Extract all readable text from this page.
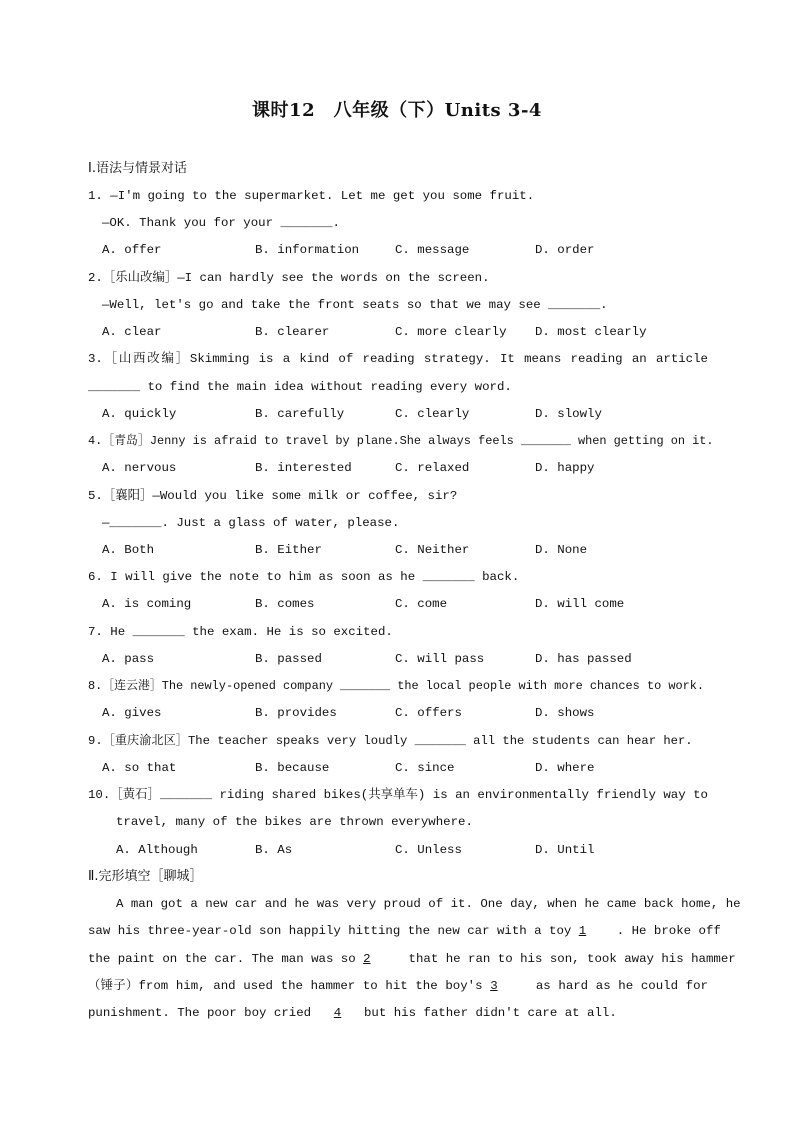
课时12　八年级（下）Units 3-4
Ⅰ.语法与情景对话
1. —I'm going to the supermarket. Let me get you some fruit.
—OK. Thank you for your _______.
A. offer	B. information	C. message	D. order
2.［乐山改编］—I can hardly see the words on the screen.
—Well, let's go and take the front seats so that we may see _______.
A. clear	B. clearer	C. more clearly D. most clearly
3.［山西改编］Skimming is a kind of reading strategy. It means reading an article
_______ to find the main idea without reading every word.
A. quickly	B. carefully	C. clearly	D. slowly
4.［青岛］Jenny is afraid to travel by plane.She always feels _______ when getting on it.
A. nervous	B. interested	C. relaxed	D. happy
5.［襄阳］—Would you like some milk or coffee, sir?
—_______. Just a glass of water, please.
A. Both	B. Either	C. Neither	D. None
6. I will give the note to him as soon as he _______ back.
A. is coming	B. comes	C. come	D. will come
7. He _______ the exam. He is so excited.
A. pass	B. passed	C. will pass	D. has passed
8.［连云港］The newly-opened company _______ the local people with more chances to work.
A. gives	B. provides	C. offers	D. shows
9.［重庆渝北区］The teacher speaks very loudly _______ all the students can hear her.
A. so that	B. because	C. since	D. where
10.［黄石］_______ riding shared bikes(共享单车) is an environmentally friendly way to
travel, many of the bikes are thrown everywhere.
A. Although	B. As	C. Unless	D. Until
Ⅱ.完形填空［聊城］
A man got a new car and he was very proud of it. One day, when he came back home, he
saw his three-year-old son happily hitting the new car with a toy 1 . He broke off
the paint on the car. The man was so 2 that he ran to his son, took away his hammer
（锤子）from him, and used the hammer to hit the boy's 3 as hard as he could for
punishment. The poor boy cried 4 but his father didn't care at all.
